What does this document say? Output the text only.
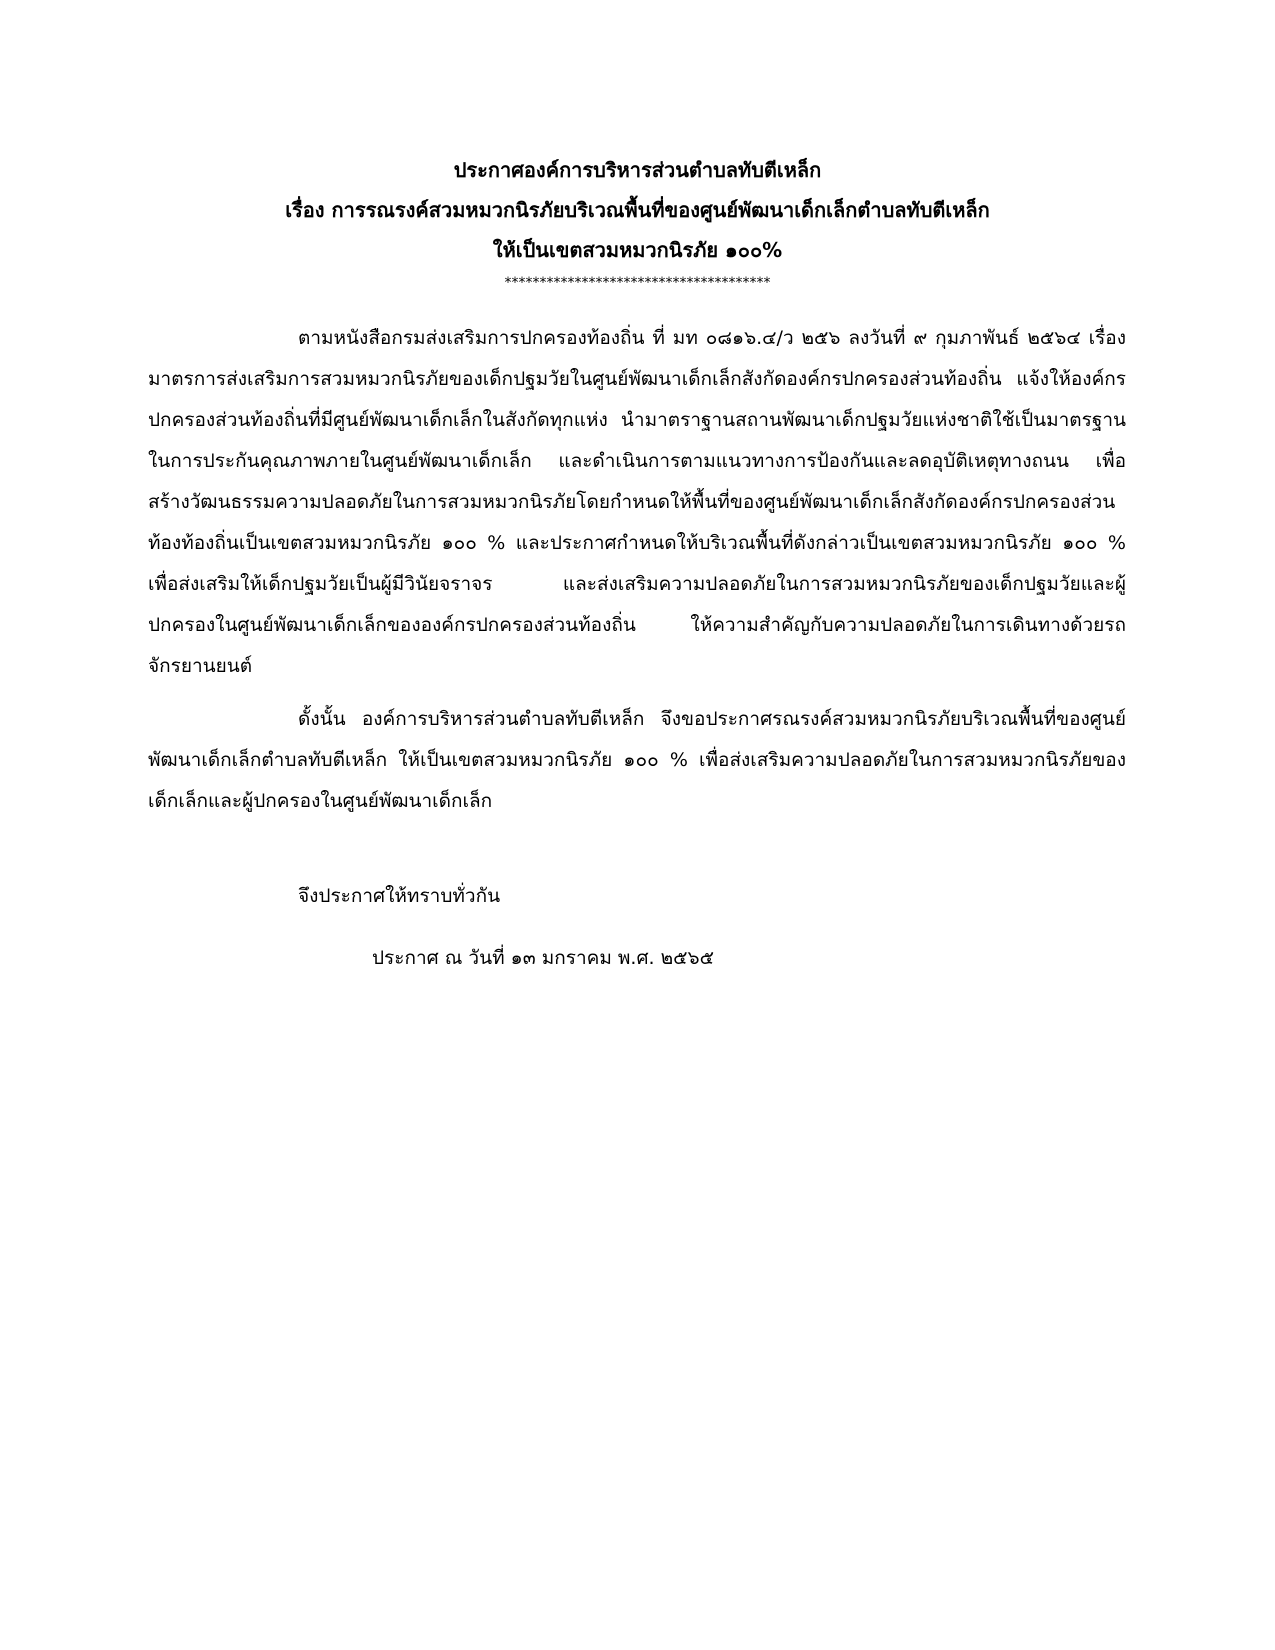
ประกาศองค์การบริหารส่วนตำบลทับตีเหล็ก
เรื่อง การรณรงค์สวมหมวกนิรภัยบริเวณพื้นที่ของศูนย์พัฒนาเด็กเล็กตำบลทับตีเหล็ก
ให้เป็นเขตสวมหมวกนิรภัย ๑๐๐%
**************************************

ตามหนังสือกรมส่งเสริมการปกครองท้องถิ่น ที่ มท ๐๘๑๖.๔/ว ๒๕๖ ลงวันที่ ๙ กุมภาพันธ์ ๒๕๖๔ เรื่อง มาตรการส่งเสริมการสวมหมวกนิรภัยของเด็กปฐมวัยในศูนย์พัฒนาเด็กเล็กสังกัดองค์กรปกครองส่วนท้องถิ่น แจ้งให้องค์กรปกครองส่วนท้องถิ่นที่มีศูนย์พัฒนาเด็กเล็กในสังกัดทุกแห่ง นำมาตราฐานสถานพัฒนาเด็กปฐมวัยแห่งชาติใช้เป็นมาตรฐานในการประกันคุณภาพภายในศูนย์พัฒนาเด็กเล็ก และดำเนินการตามแนวทางการป้องกันและลดอุบัติเหตุทางถนน เพื่อสร้างวัฒนธรรมความปลอดภัยในการสวมหมวกนิรภัยโดยกำหนดให้พื้นที่ของศูนย์พัฒนาเด็กเล็กสังกัดองค์กรปกครองส่วนท้องท้องถิ่นเป็นเขตสวมหมวกนิรภัย ๑๐๐ % และประกาศกำหนดให้บริเวณพื้นที่ดังกล่าวเป็นเขตสวมหมวกนิรภัย ๑๐๐ % เพื่อส่งเสริมให้เด็กปฐมวัยเป็นผู้มีวินัยจราจร และส่งเสริมความปลอดภัยในการสวมหมวกนิรภัยของเด็กปฐมวัยและผู้ปกครองในศูนย์พัฒนาเด็กเล็กขององค์กรปกครองส่วนท้องถิ่น ให้ความสำคัญกับความปลอดภัยในการเดินทางด้วยรถจักรยานยนต์

ดั้งนั้น องค์การบริหารส่วนตำบลทับตีเหล็ก จึงขอประกาศรณรงค์สวมหมวกนิรภัยบริเวณพื้นที่ของศูนย์พัฒนาเด็กเล็กตำบลทับตีเหล็ก ให้เป็นเขตสวมหมวกนิรภัย ๑๐๐ % เพื่อส่งเสริมความปลอดภัยในการสวมหมวกนิรภัยของเด็กเล็กและผู้ปกครองในศูนย์พัฒนาเด็กเล็ก

จึงประกาศให้ทราบทั่วกัน
ประกาศ ณ วันที่ ๑๓ มกราคม พ.ศ. ๒๕๖๕
